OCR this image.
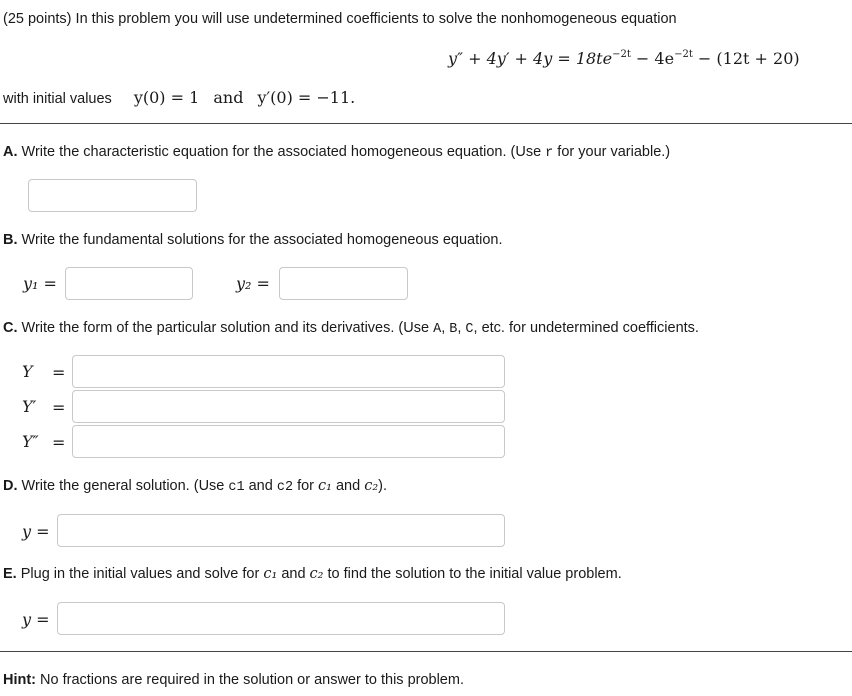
(25 points) In this problem you will use undetermined coefficients to solve the nonhomogeneous equation
$y'' + 4y' + 4y = 18te^{-2t} - 4e^{-2t} - (12t + 20)$
with initial values y(0) = 1 and y′(0) = −11.
A. Write the characteristic equation for the associated homogeneous equation. (Use r for your variable.)
B. Write the fundamental solutions for the associated homogeneous equation.
y₁ =	y₂ =
C. Write the form of the particular solution and its derivatives. (Use A, B, C, etc. for undetermined coefficients.
Y =
Y′ =
Y″ =
D. Write the general solution. (Use c1 and c2 for c₁ and c₂).
y =
E. Plug in the initial values and solve for c₁ and c₂ to find the solution to the initial value problem.
y =
Hint: No fractions are required in the solution or answer to this problem.
